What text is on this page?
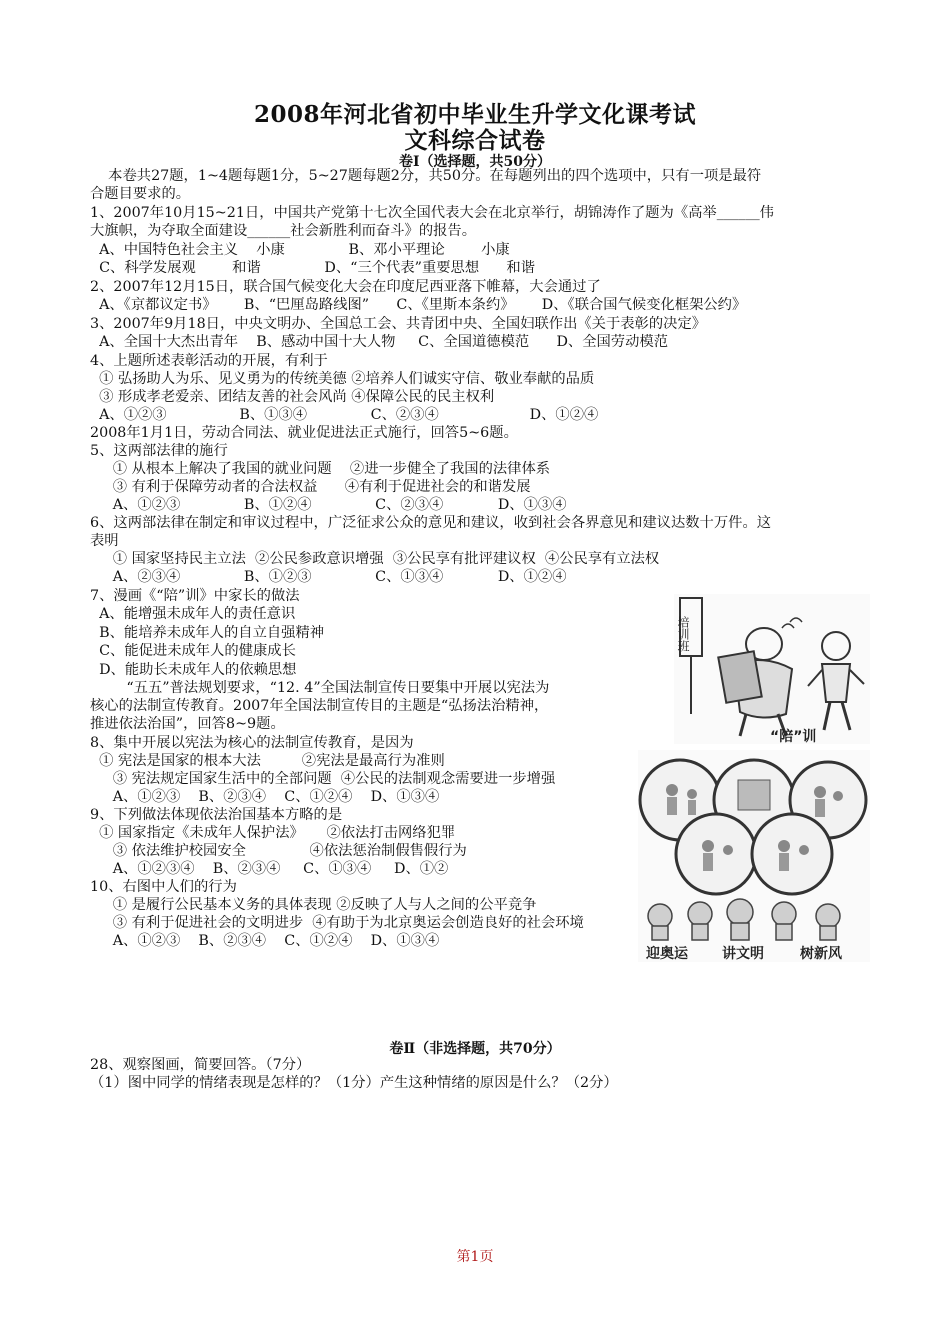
2008年河北省初中毕业生升学文化课考试
文科综合试卷
卷Ⅰ（选择题，共50分）
本卷共27题，1~4题每题1分，5~27题每题2分，共50分。在每题列出的四个选项中，只有一项是最符
合题目要求的。
1、2007年10月15~21日，中国共产党第十七次全国代表大会在北京举行，胡锦涛作了题为《高举______伟
大旗帜，为夺取全面建设______社会新胜利而奋斗》的报告。
A、中国特色社会主义    小康              B、邓小平理论        小康
C、科学发展观        和谐              D、“三个代表”重要思想      和谐
2、2007年12月15日，联合国气候变化大会在印度尼西亚落下帷幕，大会通过了
A、《京都议定书》      B、“巴厘岛路线图”      C、《里斯本条约》      D、《联合国气候变化框架公约》
3、2007年9月18日，中央文明办、全国总工会、共青团中央、全国妇联作出《关于表彰的决定》
A、全国十大杰出青年    B、感动中国十大人物     C、全国道德模范      D、全国劳动模范
4、上题所述表彰活动的开展，有利于
① 弘扬助人为乐、见义勇为的传统美德 ②培养人们诚实守信、敬业奉献的品质
③ 形成孝老爱亲、团结友善的社会风尚 ④保障公民的民主权利
A、①②③                B、①③④              C、②③④                    D、①②④
2008年1月1日，劳动合同法、就业促进法正式施行，回答5~6题。
5、这两部法律的施行
① 从根本上解决了我国的就业问题    ②进一步健全了我国的法律体系
③ 有利于保障劳动者的合法权益      ④有利于促进社会的和谐发展
A、①②③              B、①②④              C、②③④            D、①③④
6、这两部法律在制定和审议过程中，广泛征求公众的意见和建议，收到社会各界意见和建议达数十万件。这
表明
① 国家坚持民主立法  ②公民参政意识增强  ③公民享有批评建议权  ④公民享有立法权
A、②③④              B、①②③              C、①③④            D、①②④
7、漫画《“陪”训》中家长的做法
A、能增强未成年人的责任意识
B、能培养未成年人的自立自强精神
C、能促进未成年人的健康成长
D、能助长未成年人的依赖思想
“五五”普法规划要求，“12. 4”全国法制宣传日要集中开展以宪法为
核心的法制宣传教育。2007年全国法制宣传目的主题是“弘扬法治精神，
推进依法治国”，回答8~9题。
8、集中开展以宪法为核心的法制宣传教育，是因为
① 宪法是国家的根本大法         ②宪法是最高行为准则
③ 宪法规定国家生活中的全部问题  ④公民的法制观念需要进一步增强
A、①②③    B、②③④    C、①②④    D、①③④
9、下列做法体现依法治国基本方略的是
① 国家指定《未成年人保护法》     ②依法打击网络犯罪
③ 依法维护校园安全              ④依法惩治制假售假行为
A、①②③④    B、②③④     C、①③④     D、①②
10、右图中人们的行为
① 是履行公民基本义务的具体表现 ②反映了人与人之间的公平竞争
③ 有利于促进社会的文明进步  ④有助于为北京奥运会创造良好的社会环境
A、①②③    B、②③④    C、①②④    D、①③④
培训班
“陪”训
迎奥运 讲文明	树新风
卷Ⅱ（非选择题，共70分）
28、观察图画，简要回答。（7分）
（1）图中同学的情绪表现是怎样的？（1分）产生这种情绪的原因是什么？（2分）
第1页
